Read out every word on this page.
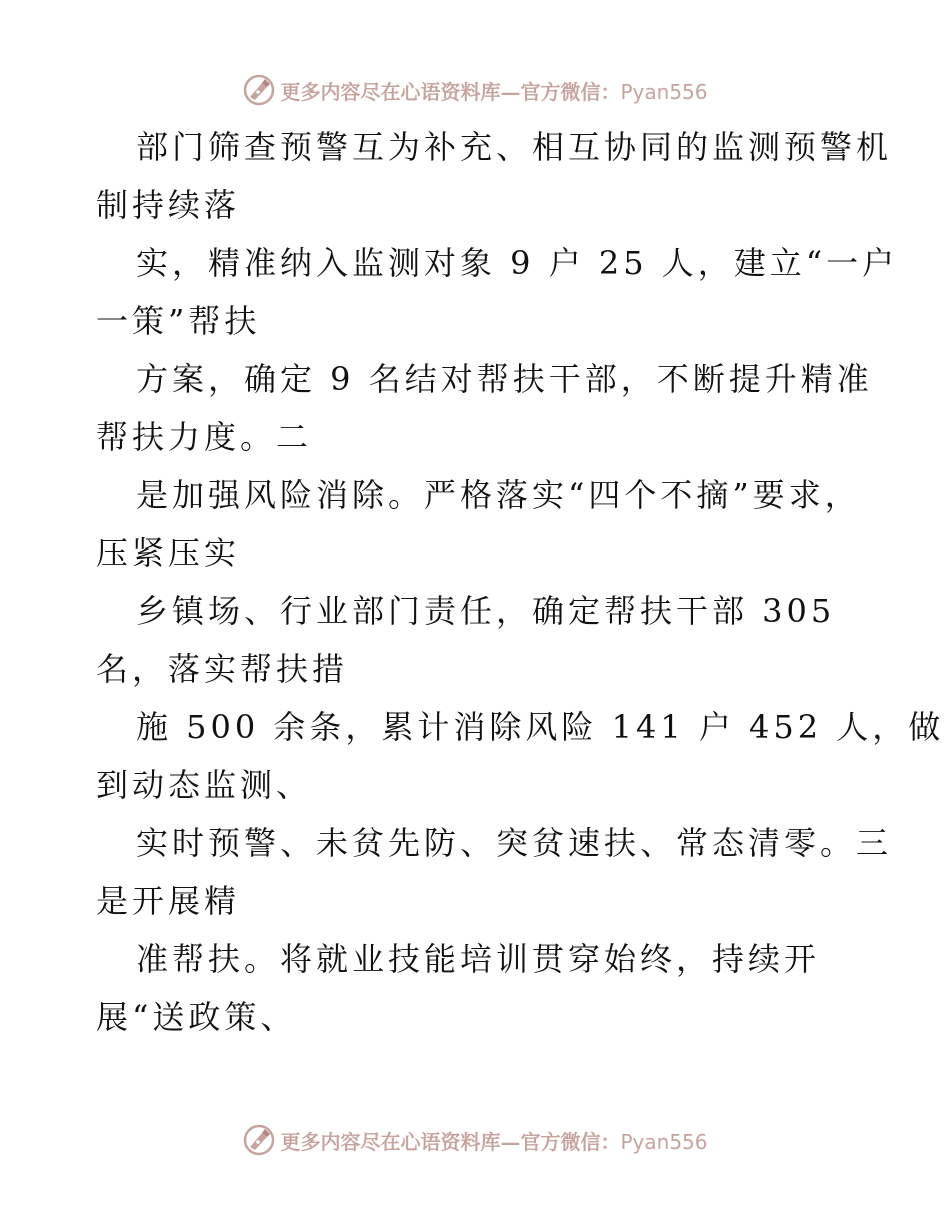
更多内容尽在心语资料库—官方微信：Pyan556

部门筛查预警互为补充、相互协同的监测预警机
制持续落

实，精准纳入监测对象 9 户 25 人，建立“一户
一策”帮扶

方案，确定 9 名结对帮扶干部，不断提升精准
帮扶力度。二

是加强风险消除。严格落实“四个不摘”要求，
压紧压实

乡镇场、行业部门责任，确定帮扶干部 305
名，落实帮扶措

施 500 余条，累计消除风险 141 户 452 人，做
到动态监测、

实时预警、未贫先防、突贫速扶、常态清零。三
是开展精

准帮扶。将就业技能培训贯穿始终，持续开
展“送政策、

更多内容尽在心语资料库—官方微信：Pyan556
